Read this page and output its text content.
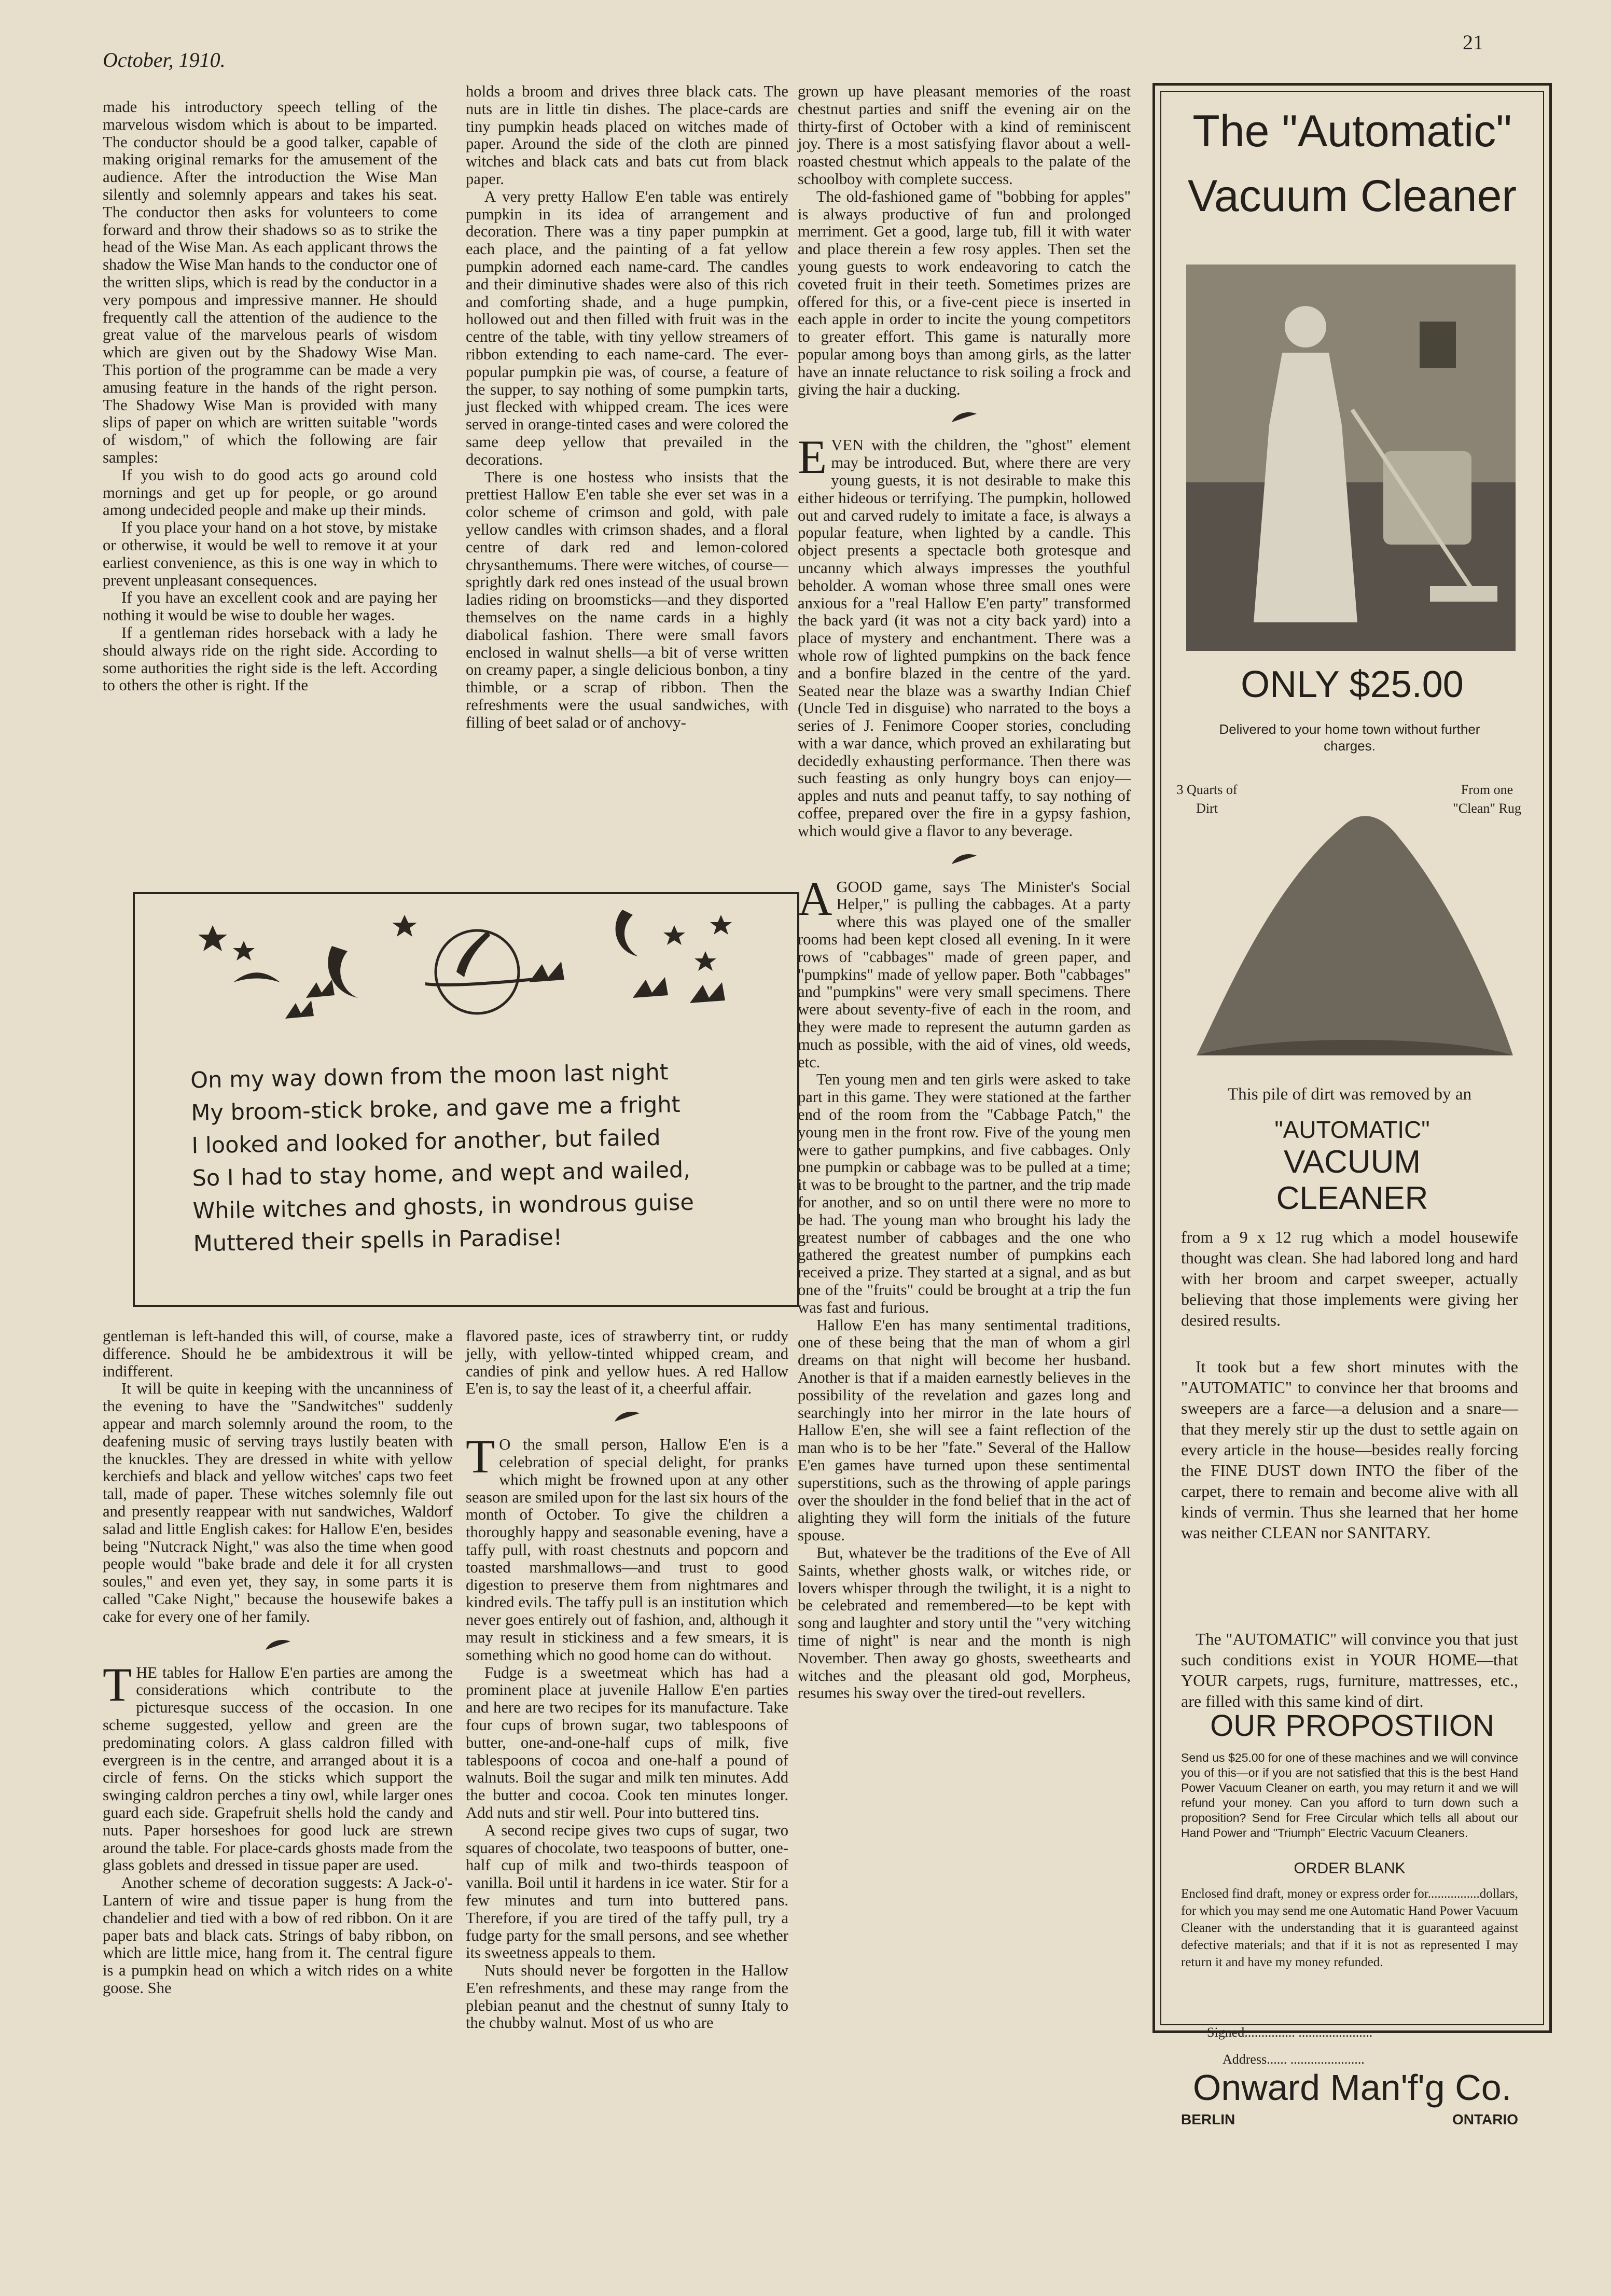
October, 1910.
21

made his introductory speech telling of the marvelous wisdom which is about to be imparted. The conductor should be a good talker, capable of making original remarks for the amusement of the audience. After the introduction the Wise Man silently and solemnly appears and takes his seat. The conductor then asks for volunteers to come forward and throw their shadows so as to strike the head of the Wise Man. As each applicant throws the shadow the Wise Man hands to the conductor one of the written slips, which is read by the conductor in a very pompous and impressive manner. He should frequently call the attention of the audience to the great value of the marvelous pearls of wisdom which are given out by the Shadowy Wise Man. This portion of the programme can be made a very amusing feature in the hands of the right person. The Shadowy Wise Man is provided with many slips of paper on which are written suitable "words of wisdom," of which the following are fair samples:

If you wish to do good acts go around cold mornings and get up for people, or go around among undecided people and make up their minds.

If you place your hand on a hot stove, by mistake or otherwise, it would be well to remove it at your earliest convenience, as this is one way in which to prevent unpleasant consequences.

If you have an excellent cook and are paying her nothing it would be wise to double her wages.

If a gentleman rides horseback with a lady he should always ride on the right side. According to some authorities the right side is the left. According to others the other is right. If the

holds a broom and drives three black cats. The nuts are in little tin dishes. The place-cards are tiny pumpkin heads placed on witches made of paper. Around the side of the cloth are pinned witches and black cats and bats cut from black paper.

A very pretty Hallow E'en table was entirely pumpkin in its idea of arrangement and decoration. There was a tiny paper pumpkin at each place, and the painting of a fat yellow pumpkin adorned each name-card. The candles and their diminutive shades were also of this rich and comforting shade, and a huge pumpkin, hollowed out and then filled with fruit was in the centre of the table, with tiny yellow streamers of ribbon extending to each name-card. The ever-popular pumpkin pie was, of course, a feature of the supper, to say nothing of some pumpkin tarts, just flecked with whipped cream. The ices were served in orange-tinted cases and were colored the same deep yellow that prevailed in the decorations.

There is one hostess who insists that the prettiest Hallow E'en table she ever set was in a color scheme of crimson and gold, with pale yellow candles with crimson shades, and a floral centre of dark red and lemon-colored chrysanthemums. There were witches, of course—sprightly dark red ones instead of the usual brown ladies riding on broomsticks—and they disported themselves on the name cards in a highly diabolical fashion. There were small favors enclosed in walnut shells—a bit of verse written on creamy paper, a single delicious bonbon, a tiny thimble, or a scrap of ribbon. Then the refreshments were the usual sandwiches, with filling of beet salad or of anchovy-

grown up have pleasant memories of the roast chestnut parties and sniff the evening air on the thirty-first of October with a kind of reminiscent joy. There is a most satisfying flavor about a well-roasted chestnut which appeals to the palate of the schoolboy with complete success.

The old-fashioned game of "bobbing for apples" is always productive of fun and prolonged merriment. Get a good, large tub, fill it with water and place therein a few rosy apples. Then set the young guests to work endeavoring to catch the coveted fruit in their teeth. Sometimes prizes are offered for this, or a five-cent piece is inserted in each apple in order to incite the young competitors to greater effort. This game is naturally more popular among boys than among girls, as the latter have an innate reluctance to risk soiling a frock and giving the hair a ducking.

EVEN with the children, the "ghost" element may be introduced. But, where there are very young guests, it is not desirable to make this either hideous or terrifying. The pumpkin, hollowed out and carved rudely to imitate a face, is always a popular feature, when lighted by a candle. This object presents a spectacle both grotesque and uncanny which always impresses the youthful beholder. A woman whose three small ones were anxious for a "real Hallow E'en party" transformed the back yard (it was not a city back yard) into a place of mystery and enchantment. There was a whole row of lighted pumpkins on the back fence and a bonfire blazed in the centre of the yard. Seated near the blaze was a swarthy Indian Chief (Uncle Ted in disguise) who narrated to the boys a series of J. Fenimore Cooper stories, concluding with a war dance, which proved an exhilarating but decidedly exhausting performance. Then there was such feasting as only hungry boys can enjoy—apples and nuts and peanut taffy, to say nothing of coffee, prepared over the fire in a gypsy fashion, which would give a flavor to any beverage.

AGOOD game, says The Minister's Social Helper," is pulling the cabbages. At a party where this was played one of the smaller rooms had been kept closed all evening. In it were rows of "cabbages" made of green paper, and "pumpkins" made of yellow paper. Both "cabbages" and "pumpkins" were very small specimens. There were about seventy-five of each in the room, and they were made to represent the autumn garden as much as possible, with the aid of vines, old weeds, etc.

Ten young men and ten girls were asked to take part in this game. They were stationed at the farther end of the room from the "Cabbage Patch," the young men in the front row. Five of the young men were to gather pumpkins, and five cabbages. Only one pumpkin or cabbage was to be pulled at a time; it was to be brought to the partner, and the trip made for another, and so on until there were no more to be had. The young man who brought his lady the greatest number of cabbages and the one who gathered the greatest number of pumpkins each received a prize. They started at a signal, and as but one of the "fruits" could be brought at a trip the fun was fast and furious.

Hallow E'en has many sentimental traditions, one of these being that the man of whom a girl dreams on that night will become her husband. Another is that if a maiden earnestly believes in the possibility of the revelation and gazes long and searchingly into her mirror in the late hours of Hallow E'en, she will see a faint reflection of the man who is to be her "fate." Several of the Hallow E'en games have turned upon these sentimental superstitions, such as the throwing of apple parings over the shoulder in the fond belief that in the act of alighting they will form the initials of the future spouse.

But, whatever be the traditions of the Eve of All Saints, whether ghosts walk, or witches ride, or lovers whisper through the twilight, it is a night to be celebrated and remembered—to be kept with song and laughter and story until the "very witching time of night" is near and the month is nigh November. Then away go ghosts, sweethearts and witches and the pleasant old god, Morpheus, resumes his sway over the tired-out revellers.

On my way down from the moon last night
My broom-stick broke, and gave me a fright
I looked and looked for another, but failed
So I had to stay home, and wept and wailed,
While witches and ghosts, in wondrous guise
Muttered their spells in Paradise!

gentleman is left-handed this will, of course, make a difference. Should he be ambidextrous it will be indifferent.

It will be quite in keeping with the uncanniness of the evening to have the "Sandwitches" suddenly appear and march solemnly around the room, to the deafening music of serving trays lustily beaten with the knuckles. They are dressed in white with yellow kerchiefs and black and yellow witches' caps two feet tall, made of paper. These witches solemnly file out and presently reappear with nut sandwiches, Waldorf salad and little English cakes: for Hallow E'en, besides being "Nutcrack Night," was also the time when good people would "bake brade and dele it for all crysten soules," and even yet, they say, in some parts it is called "Cake Night," because the housewife bakes a cake for every one of her family.

THE tables for Hallow E'en parties are among the considerations which contribute to the picturesque success of the occasion. In one scheme suggested, yellow and green are the predominating colors. A glass caldron filled with evergreen is in the centre, and arranged about it is a circle of ferns. On the sticks which support the swinging caldron perches a tiny owl, while larger ones guard each side. Grapefruit shells hold the candy and nuts. Paper horseshoes for good luck are strewn around the table. For place-cards ghosts made from the glass goblets and dressed in tissue paper are used.

Another scheme of decoration suggests: A Jack-o'-Lantern of wire and tissue paper is hung from the chandelier and tied with a bow of red ribbon. On it are paper bats and black cats. Strings of baby ribbon, on which are little mice, hang from it. The central figure is a pumpkin head on which a witch rides on a white goose. She

flavored paste, ices of strawberry tint, or ruddy jelly, with yellow-tinted whipped cream, and candies of pink and yellow hues. A red Hallow E'en is, to say the least of it, a cheerful affair.

T O the small person, Hallow E'en is a celebration of special delight, for pranks which might be frowned upon at any other season are smiled upon for the last six hours of the month of October. To give the children a thoroughly happy and seasonable evening, have a taffy pull, with roast chestnuts and popcorn and toasted marshmallows—and trust to good digestion to preserve them from nightmares and kindred evils. The taffy pull is an institution which never goes entirely out of fashion, and, although it may result in stickiness and a few smears, it is something which no good home can do without.

Fudge is a sweetmeat which has had a prominent place at juvenile Hallow E'en parties and here are two recipes for its manufacture. Take four cups of brown sugar, two tablespoons of butter, one-and-one-half cups of milk, five tablespoons of cocoa and one-half a pound of walnuts. Boil the sugar and milk ten minutes. Add the butter and cocoa. Cook ten minutes longer. Add nuts and stir well. Pour into buttered tins.

A second recipe gives two cups of sugar, two squares of chocolate, two teaspoons of butter, one-half cup of milk and two-thirds teaspoon of vanilla. Boil until it hardens in ice water. Stir for a few minutes and turn into buttered pans. Therefore, if you are tired of the taffy pull, try a fudge party for the small persons, and see whether its sweetness appeals to them.

Nuts should never be forgotten in the Hallow E'en refreshments, and these may range from the plebian peanut and the chestnut of sunny Italy to the chubby walnut. Most of us who are

The "Automatic"
Vacuum Cleaner
ONLY $25.00
Delivered to your home town without further charges.
3 Quarts of Dirt
From one "Clean" Rug
This pile of dirt was removed by an
"AUTOMATIC"
VACUUM
CLEANER
from a 9 x 12 rug which a model housewife thought was clean. She had labored long and hard with her broom and carpet sweeper, actually believing that those implements were giving her desired results.
It took but a few short minutes with the "AUTOMATIC" to convince her that brooms and sweepers are a farce—a delusion and a snare—that they merely stir up the dust to settle again on every article in the house—besides really forcing the FINE DUST down INTO the fiber of the carpet, there to remain and become alive with all kinds of vermin. Thus she learned that her home was neither CLEAN nor SANITARY.
The "AUTOMATIC" will convince you that just such conditions exist in YOUR HOME—that YOUR carpets, rugs, furniture, mattresses, etc., are filled with this same kind of dirt.
OUR PROPOSTIION
Send us $25.00 for one of these machines and we will convince you of this—or if you are not satisfied that this is the best Hand Power Vacuum Cleaner on earth, you may return it and we will refund your money. Can you afford to turn down such a proposition? Send for Free Circular which tells all about our Hand Power and "Triumph" Electric Vacuum Cleaners.
ORDER BLANK
Enclosed find draft, money or express order for................dollars, for which you may send me one Automatic Hand Power Vacuum Cleaner with the understanding that it is guaranteed against defective materials; and that if it is not as represented I may return it and have my money refunded.
Signed............... ......................
Address...... ......................
Onward Man'f'g Co.
BERLIN	ONTARIO
